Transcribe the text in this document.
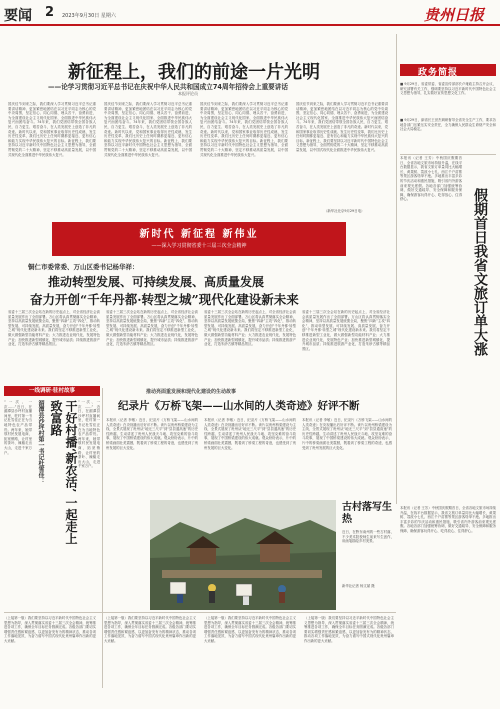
要闻 2 2023年9月30日 星期六	贵州日报
新征程上，我们的前途一片光明
——论学习贯彻习近平总书记在庆祝中华人民共和国成立74周年招待会上重要讲话
本报评论员
国庆佳节到来之际，我们要深入学习贯彻习近平总书记重要讲话精神，更加紧密地团结在以习近平同志为核心的党中央周围，坚定信心、同心同德、埋头苦干、奋勇前进，为全面建设社会主义现代化国家、全面推进中华民族伟大复兴而团结奋斗。74年来，我们党团结带领全国各族人民，自力更生、艰苦奋斗，在人类发展史上创造了非凡的奇迹。新时代以来，党和国家事业取得历史性成就、发生历史性变革，我们比历史上任何时期都更接近、更有信心和能力实现中华民族伟大复兴的目标。新征程上，我们要坚持以习近平新时代中国特色社会主义思想为指导，全面贯彻党的二十大精神，坚定不移推动高质量发展，以中国式现代化全面推进中华民族伟大复兴。
国庆佳节到来之际，我们要深入学习贯彻习近平总书记重要讲话精神，更加紧密地团结在以习近平同志为核心的党中央周围，坚定信心、同心同德、埋头苦干、奋勇前进，为全面建设社会主义现代化国家、全面推进中华民族伟大复兴而团结奋斗。74年来，我们党团结带领全国各族人民，自力更生、艰苦奋斗，在人类发展史上创造了非凡的奇迹。新时代以来，党和国家事业取得历史性成就、发生历史性变革，我们比历史上任何时期都更接近、更有信心和能力实现中华民族伟大复兴的目标。新征程上，我们要坚持以习近平新时代中国特色社会主义思想为指导，全面贯彻党的二十大精神，坚定不移推动高质量发展，以中国式现代化全面推进中华民族伟大复兴。
国庆佳节到来之际，我们要深入学习贯彻习近平总书记重要讲话精神，更加紧密地团结在以习近平同志为核心的党中央周围，坚定信心、同心同德、埋头苦干、奋勇前进，为全面建设社会主义现代化国家、全面推进中华民族伟大复兴而团结奋斗。74年来，我们党团结带领全国各族人民，自力更生、艰苦奋斗，在人类发展史上创造了非凡的奇迹。新时代以来，党和国家事业取得历史性成就、发生历史性变革，我们比历史上任何时期都更接近、更有信心和能力实现中华民族伟大复兴的目标。新征程上，我们要坚持以习近平新时代中国特色社会主义思想为指导，全面贯彻党的二十大精神，坚定不移推动高质量发展，以中国式现代化全面推进中华民族伟大复兴。
国庆佳节到来之际，我们要深入学习贯彻习近平总书记重要讲话精神，更加紧密地团结在以习近平同志为核心的党中央周围，坚定信心、同心同德、埋头苦干、奋勇前进，为全面建设社会主义现代化国家、全面推进中华民族伟大复兴而团结奋斗。74年来，我们党团结带领全国各族人民，自力更生、艰苦奋斗，在人类发展史上创造了非凡的奇迹。新时代以来，党和国家事业取得历史性成就、发生历史性变革，我们比历史上任何时期都更接近、更有信心和能力实现中华民族伟大复兴的目标。新征程上，我们要坚持以习近平新时代中国特色社会主义思想为指导，全面贯彻党的二十大精神，坚定不移推动高质量发展，以中国式现代化全面推进中华民族伟大复兴。
（新华社北京9月29日电）
政务简报
■ 9月29日，省委常委、省委宣传部部长卢雍政主持召开会议，研究部署有关工作，强调要坚持以习近平新时代中国特色社会主义思想为指导，扎实做好宣传思想文化工作。
■ 9月29日，副省长王世杰调研督导全省安全生产工作，要求各地各部门压紧压实安全责任，全力确保人民群众生命财产安全和社会大局稳定。
本报讯（记者 王芳）中秋国庆假期首日，全省各地文旅市场持续升温，在线平台数据显示，我省文旅订单量同比大幅增长，黄果树、荔波小七孔、西江千户苗寨等景区游客络绎不绝。多地推出丰富多彩的节庆活动和惠民措施，吸引省内外游客前来观光度假。各地各部门加强统筹协调，做好交通疏导、安全保障和服务保障，确保游客玩得开心、吃得放心、住得舒心。	假期首日我省文旅订单大涨
新时代 新征程 新伟业
——深入学习贯彻省委十三届三次全会精神
铜仁市委常委、万山区委书记杨华祥：
推动转型发展、可持续发展、高质量发展
奋力开创“千年丹都·转型之城”现代化建设新未来
省委十三届三次全会站在新的历史起点上，对全省经济社会高质量发展作出了全面部署。万山区将认真贯彻落实全会精神，坚持以高质量发展统揽全局，聚焦“四新”主攻“四化”，推动转型发展、可持续发展、高质量发展，奋力开创“千年丹都·转型之城”现代化建设新未来。我们将坚定不移推进新型工业化，做大做强新型功能材料产业；大力推进农业现代化，发展特色产业；加快推进新型城镇化，提升城市品质；持续推进旅游产业化，打造朱砂古镇等精品景区。
省委十三届三次全会站在新的历史起点上，对全省经济社会高质量发展作出了全面部署。万山区将认真贯彻落实全会精神，坚持以高质量发展统揽全局，聚焦“四新”主攻“四化”，推动转型发展、可持续发展、高质量发展，奋力开创“千年丹都·转型之城”现代化建设新未来。我们将坚定不移推进新型工业化，做大做强新型功能材料产业；大力推进农业现代化，发展特色产业；加快推进新型城镇化，提升城市品质；持续推进旅游产业化，打造朱砂古镇等精品景区。
省委十三届三次全会站在新的历史起点上，对全省经济社会高质量发展作出了全面部署。万山区将认真贯彻落实全会精神，坚持以高质量发展统揽全局，聚焦“四新”主攻“四化”，推动转型发展、可持续发展、高质量发展，奋力开创“千年丹都·转型之城”现代化建设新未来。我们将坚定不移推进新型工业化，做大做强新型功能材料产业；大力推进农业现代化，发展特色产业；加快推进新型城镇化，提升城市品质；持续推进旅游产业化，打造朱砂古镇等精品景区。
省委十三届三次全会站在新的历史起点上，对全省经济社会高质量发展作出了全面部署。万山区将认真贯彻落实全会精神，坚持以高质量发展统揽全局，聚焦“四新”主攻“四化”，推动转型发展、可持续发展、高质量发展，奋力开创“千年丹都·转型之城”现代化建设新未来。我们将坚定不移推进新型工业化，做大做强新型功能材料产业；大力推进农业现代化，发展特色产业；加快推进新型城镇化，提升城市品质；持续推进旅游产业化，打造朱砂古镇等精品景区。
一线调研·驻村故事
干好村播‘新农活’ 一起走上致富路
湄潭县沙坪村第一书记杜雪佳：
“一次、一次……”近日，在湄潭县沙坪村直播间里，驻村第一书记杜雪佳正在为当地特色农产品带货。两年来，她带领村民发展电商，拓宽销路，让村里的茶叶、辣椒走出大山，走进千家万户。
“一次、一次……”近日，在湄潭县沙坪村直播间里，驻村第一书记杜雪佳正在为当地特色农产品带货。两年来，她带领村民发展电商，拓宽销路，让村里的茶叶、辣椒走出大山，走进千家万户。
推动亮面重发展和现代化建设的生动故事
纪录片《万桥飞架——山水间的人类奇迹》好评不断
本报讯（记者 李敏）近日，纪录片《万桥飞架——山水间的人类奇迹》在央视播出后好评不断。该片以贵州桥梁建设为主线，全景式展现了贵州从“地无三尺平”到“县县通高速”的历史性跨越，生动讲述了贵州人民战天斗地、攻坚克难的奋斗故事，展现了中国桥梁建设的伟大成就。观众纷纷表示，片中的桥梁画面壮美震撼，既看到了桥梁工程的奇迹，也感受到了贵州发展的巨大变化。
本报讯（记者 李敏）近日，纪录片《万桥飞架——山水间的人类奇迹》在央视播出后好评不断。该片以贵州桥梁建设为主线，全景式展现了贵州从“地无三尺平”到“县县通高速”的历史性跨越，生动讲述了贵州人民战天斗地、攻坚克难的奋斗故事，展现了中国桥梁建设的伟大成就。观众纷纷表示，片中的桥梁画面壮美震撼，既看到了桥梁工程的奇迹，也感受到了贵州发展的巨大变化。
本报讯（记者 李敏）近日，纪录片《万桥飞架——山水间的人类奇迹》在央视播出后好评不断。该片以贵州桥梁建设为主线，全景式展现了贵州从“地无三尺平”到“县县通高速”的历史性跨越，生动讲述了贵州人民战天斗地、攻坚克难的奋斗故事，展现了中国桥梁建设的伟大成就。观众纷纷表示，片中的桥梁画面壮美震撼，既看到了桥梁工程的奇迹，也感受到了贵州发展的巨大变化。
古村落写生热
近日，在黔东南州的一些古村落，不少美术院校师生前来写生创作，用画笔描绘乡村美景。
新华社记者 杨文斌 摄
本报讯（记者 王芳）中秋国庆假期首日，全省各地文旅市场持续升温，在线平台数据显示，我省文旅订单量同比大幅增长，黄果树、荔波小七孔、西江千户苗寨等景区游客络绎不绝。多地推出丰富多彩的节庆活动和惠民措施，吸引省内外游客前来观光度假。各地各部门加强统筹协调，做好交通疏导、安全保障和服务保障，确保游客玩得开心、吃得放心、住得舒心。
（上接第一版）我们要坚持以习近平新时代中国特色社会主义思想为指导，深入贯彻落实省委十三届三次全会精神，统筹推进各项工作，确保全年目标任务圆满完成。各级各部门要切实增强责任感和紧迫感，以更加奋发有为的精神状态，推动各项工作落地见效，为奋力谱写中国式现代化贵州篇章作出新的更大贡献。
（上接第一版）我们要坚持以习近平新时代中国特色社会主义思想为指导，深入贯彻落实省委十三届三次全会精神，统筹推进各项工作，确保全年目标任务圆满完成。各级各部门要切实增强责任感和紧迫感，以更加奋发有为的精神状态，推动各项工作落地见效，为奋力谱写中国式现代化贵州篇章作出新的更大贡献。
（上接第一版）我们要坚持以习近平新时代中国特色社会主义思想为指导，深入贯彻落实省委十三届三次全会精神，统筹推进各项工作，确保全年目标任务圆满完成。各级各部门要切实增强责任感和紧迫感，以更加奋发有为的精神状态，推动各项工作落地见效，为奋力谱写中国式现代化贵州篇章作出新的更大贡献。
（上接第一版）我们要坚持以习近平新时代中国特色社会主义思想为指导，深入贯彻落实省委十三届三次全会精神，统筹推进各项工作，确保全年目标任务圆满完成。各级各部门要切实增强责任感和紧迫感，以更加奋发有为的精神状态，推动各项工作落地见效，为奋力谱写中国式现代化贵州篇章作出新的更大贡献。
